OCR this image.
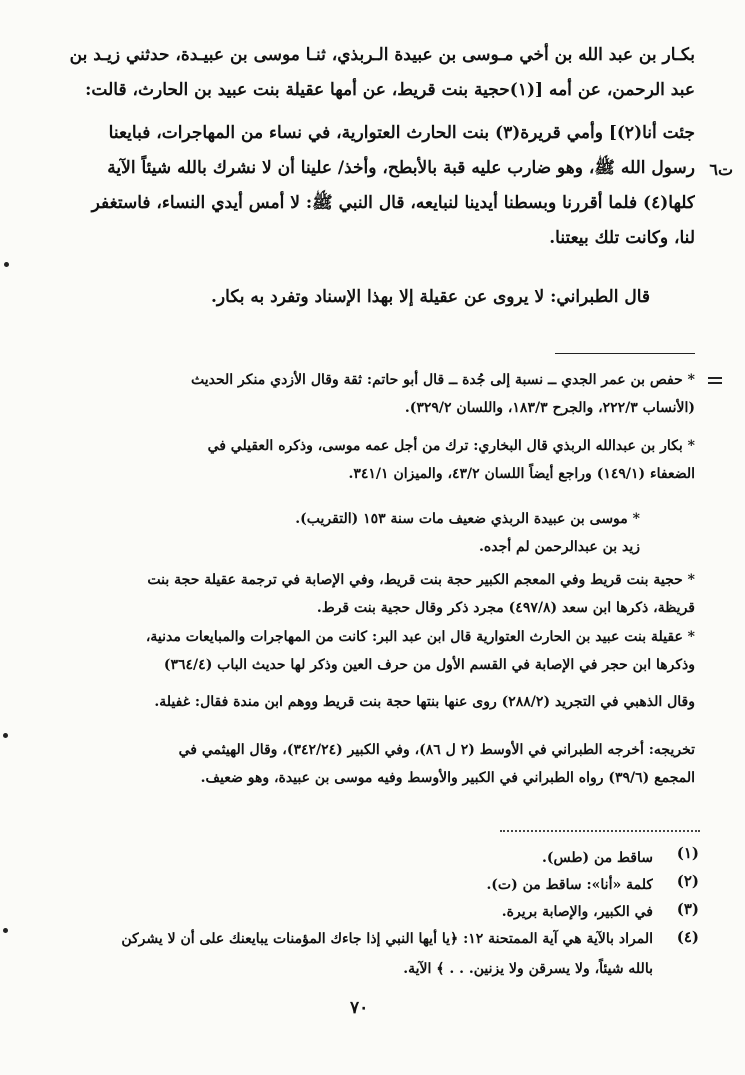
بكـار بن عبد الله بن أخي مـوسى بن عبيدة الـربذي، ثنـا موسى بن عبيـدة، حدثني زيـد بن
عبد الرحمن، عن أمه [(١)حجية بنت قريط، عن أمها عقيلة بنت عبيد بن الحارث، قالت:
جئت أنا(٢)] وأمي قريرة(٣) بنت الحارث العتوارية، في نساء من المهاجرات، فبايعنا
رسول الله ﷺ، وهو ضارب عليه قبة بالأبطح، وأخذ/ علينا أن لا نشرك بالله شيئاً الآية
كلها(٤) فلما أقررنا وبسطنا أيدينا لنبايعه، قال النبي ﷺ: لا أمس أيدي النساء، فاستغفر
لنا، وكانت تلك بيعتنا.
ت٦
قال الطبراني: لا يروى عن عقيلة إلا بهذا الإسناد وتفرد به بكار.
* حفص بن عمر الجدي ــ نسبة إلى جُدة ــ قال أبو حاتم: ثقة وقال الأزدي منكر الحديث
(الأنساب ٢٢٢/٣، والجرح ١٨٣/٣، واللسان ٣٢٩/٢).
* بكار بن عبدالله الربذي قال البخاري: ترك من أجل عمه موسى، وذكره العقيلي في
الضعفاء (١٤٩/١) وراجع أيضاً اللسان ٤٣/٢، والميزان ٣٤١/١.
* موسى بن عبيدة الربذي ضعيف مات سنة ١٥٣ (التقريب).
زيد بن عبدالرحمن لم أجده.
* حجية بنت قريط وفي المعجم الكبير حجة بنت قريط، وفي الإصابة في ترجمة عقيلة حجة بنت
قريظة، ذكرها ابن سعد (٤٩٧/٨) مجرد ذكر وقال حجية بنت قرط.
* عقيلة بنت عبيد بن الحارث العتوارية قال ابن عبد البر: كانت من المهاجرات والمبايعات مدنية،
وذكرها ابن حجر في الإصابة في القسم الأول من حرف العين وذكر لها حديث الباب (٣٦٤/٤)
وقال الذهبي في التجريد (٢٨٨/٢) روى عنها بنتها حجة بنت قريط ووهم ابن مندة فقال: غفيلة.
تخريجه: أخرجه الطبراني في الأوسط (٢ ل ٨٦)، وفي الكبير (٣٤٢/٢٤)، وقال الهيثمي في
المجمع (٣٩/٦) رواه الطبراني في الكبير والأوسط وفيه موسى بن عبيدة، وهو ضعيف.
(١)
ساقط من (طس).
(٢)
كلمة «أنا»: ساقط من (ت).
(٣)
في الكبير، والإصابة بريرة.
(٤)
المراد بالآية هي آية الممتحنة ١٢: ﴿يا أيها النبي إذا جاءك المؤمنات يبايعنك على أن لا يشركن
بالله شيئاً، ولا يسرقن ولا يزنين. . . ﴾ الآية.
٧٠
